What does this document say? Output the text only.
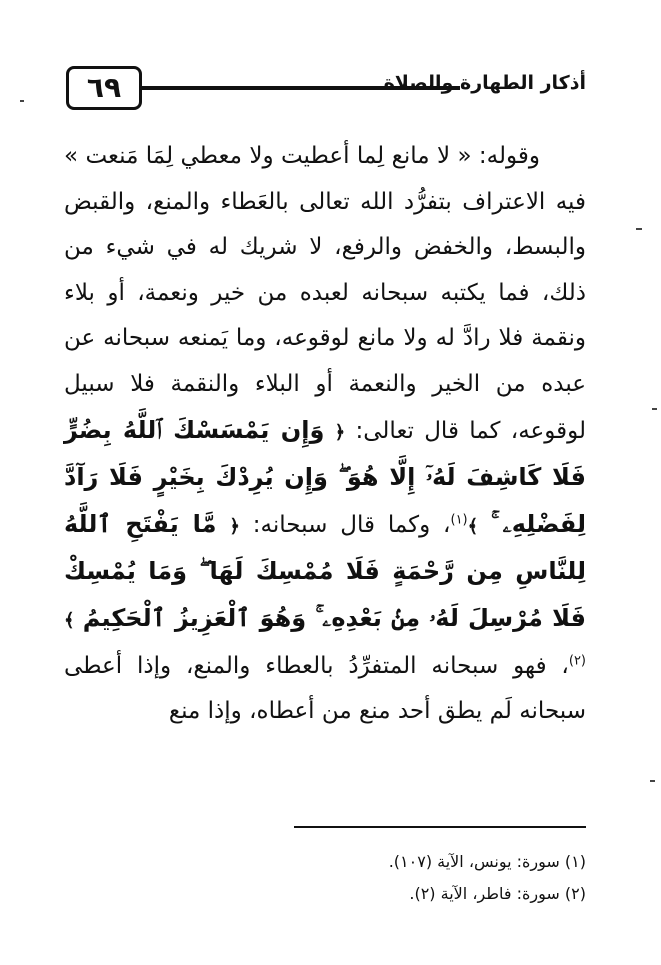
٦٩	أذكار الطهارة والصلاة
وقوله: « لا مانع لِما أعطيت ولا معطي لِمَا مَنعت » فيه الاعتراف بتفرُّد الله تعالى بالعَطاء والمنع، والقبض والبسط، والخفض والرفع، لا شريك له في شيء من ذلك، فما يكتبه سبحانه لعبده من خير ونعمة، أو بلاء ونقمة فلا رادَّ له ولا مانع لوقوعه، وما يَمنعه سبحانه عن عبده من الخير والنعمة أو البلاء والنقمة فلا سبيل لوقوعه، كما قال تعالى: ﴿ وَإِن يَمْسَسْكَ ٱللَّهُ بِضُرٍّ فَلَا كَاشِفَ لَهُۥٓ إِلَّا هُوَ ۖ وَإِن يُرِدْكَ بِخَيْرٍ فَلَا رَآدَّ لِفَضْلِهِۦ ۚ ﴾$^{(١)}$، وكما قال سبحانه: ﴿ مَّا يَفْتَحِ ٱللَّهُ لِلنَّاسِ مِن رَّحْمَةٍ فَلَا مُمْسِكَ لَهَا ۖ وَمَا يُمْسِكْ فَلَا مُرْسِلَ لَهُۥ مِنۢ بَعْدِهِۦ ۚ وَهُوَ ٱلْعَزِيزُ ٱلْحَكِيمُ ﴾$^{(٢)}$، فهو سبحانه المتفرِّدُ بالعطاء والمنع، وإذا أعطى سبحانه لَم يطق أحد منع من أعطاه، وإذا منع
(١) سورة: يونس، الآية (١٠٧).
(٢) سورة: فاطر، الآية (٢).
